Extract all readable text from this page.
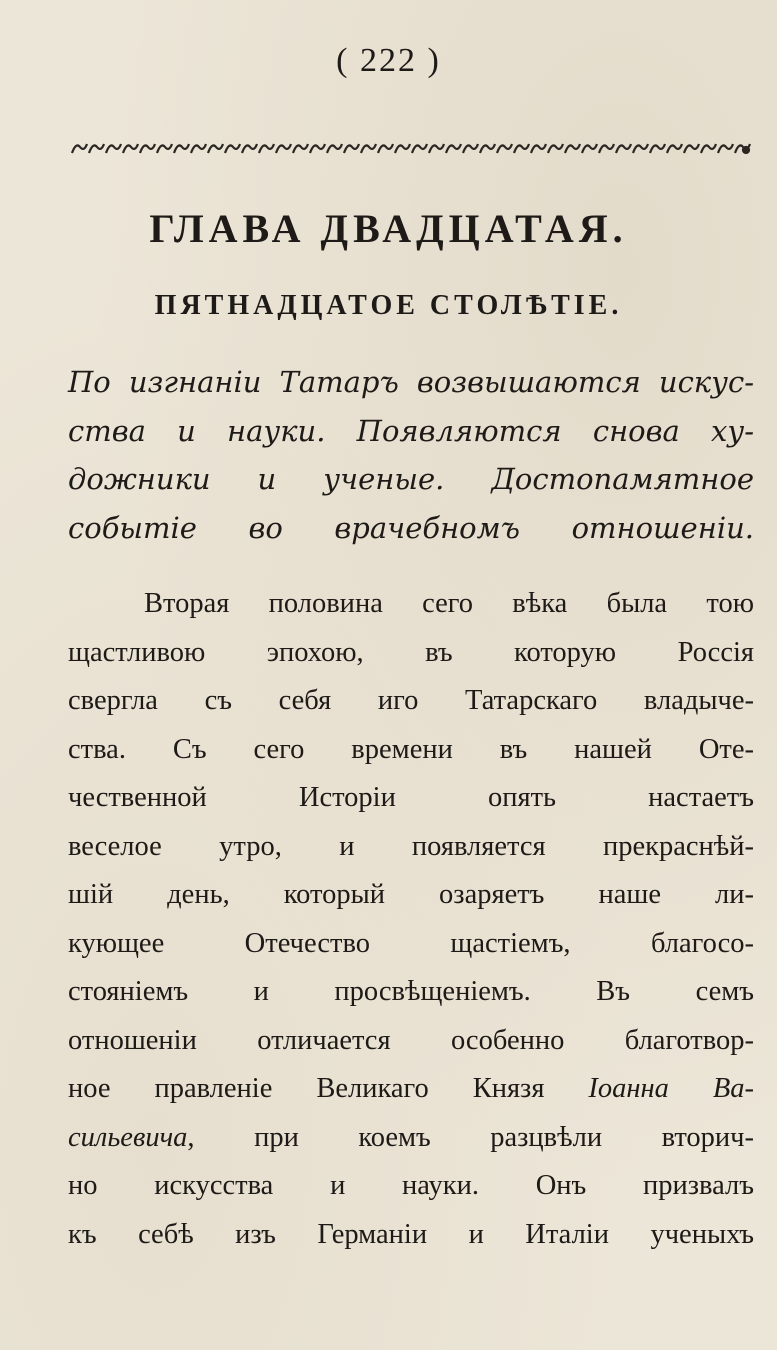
( 222 )
ГЛАВА ДВАДЦАТАЯ.
ПЯТНАДЦАТОЕ СТОЛѢТІЕ.
По изгнаніи Татаръ возвышаются искус-
ства и науки. Появляются снова ху-
дожники и ученые. Достопамятное
событіе во врачебномъ отношеніи.
Вторая половина сего вѣка была тою
щастливою эпохою, въ которую Россія
свергла съ себя иго Татарскаго владыче-
ства. Съ сего времени въ нашей Оте-
чественной Исторіи опять настаетъ
веселое утро, и появляется прекраснѣй-
шій день, который озаряетъ наше ли-
кующее Отечество щастіемъ, благосо-
стояніемъ и просвѣщеніемъ. Въ семъ
отношеніи отличается особенно благотвор-
ное правленіе Великаго Князя Іоанна Ва-
сильевича, при коемъ разцвѣли вторич-
но искусства и науки. Онъ призвалъ
къ себѣ изъ Германіи и Италіи ученыхъ
